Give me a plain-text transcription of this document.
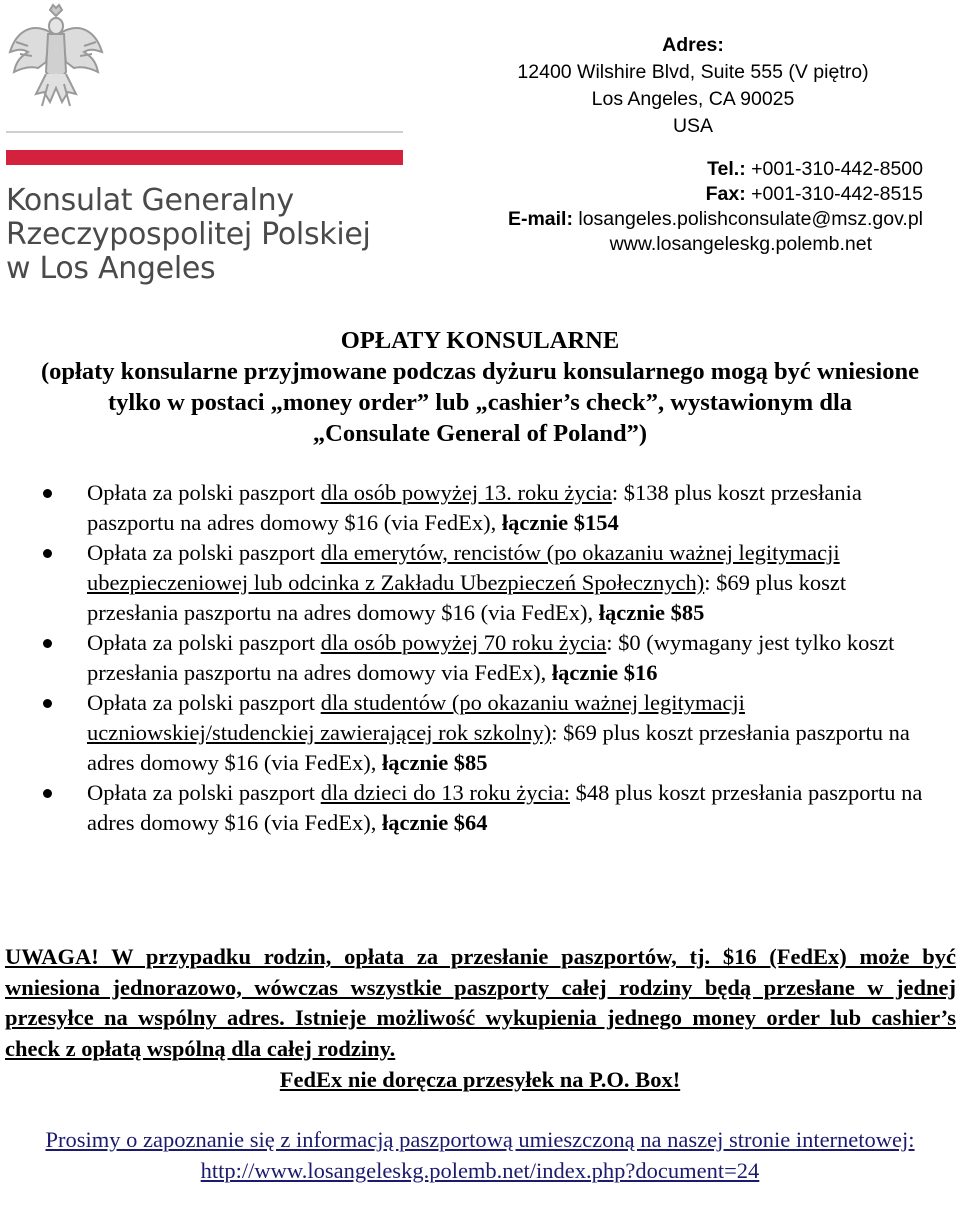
Konsulat Generalny
Rzeczypospolitej Polskiej
w Los Angeles
Adres:
12400 Wilshire Blvd, Suite 555 (V piętro)
Los Angeles, CA 90025
USA
Tel.: +001-310-442-8500
Fax: +001-310-442-8515
E-mail: losangeles.polishconsulate@msz.gov.pl
www.losangeleskg.polemb.net
OPŁATY KONSULARNE
(opłaty konsularne przyjmowane podczas dyżuru konsularnego mogą być wniesione
tylko w postaci „money order” lub „cashier’s check”, wystawionym dla
„Consulate General of Poland”)
Opłata za polski paszport dla osób powyżej 13. roku życia: $138 plus koszt przesłania paszportu na adres domowy $16 (via FedEx), łącznie $154
Opłata za polski paszport dla emerytów, rencistów (po okazaniu ważnej legitymacji ubezpieczeniowej lub odcinka z Zakładu Ubezpieczeń Społecznych): $69 plus koszt przesłania paszportu na adres domowy $16 (via FedEx), łącznie $85
Opłata za polski paszport dla osób powyżej 70 roku życia: $0 (wymagany jest tylko koszt przesłania paszportu na adres domowy via FedEx), łącznie $16
Opłata za polski paszport dla studentów (po okazaniu ważnej legitymacji uczniowskiej/studenckiej zawierającej rok szkolny): $69 plus koszt przesłania paszportu na adres domowy $16 (via FedEx), łącznie $85
Opłata za polski paszport dla dzieci do 13 roku życia: $48 plus koszt przesłania paszportu na adres domowy $16 (via FedEx), łącznie $64
UWAGA! W przypadku rodzin, opłata za przesłanie paszportów, tj. $16 (FedEx) może być wniesiona jednorazowo, wówczas wszystkie paszporty całej rodziny będą przesłane w jednej przesyłce na wspólny adres. Istnieje możliwość wykupienia jednego money order lub cashier’s check z opłatą wspólną dla całej rodziny.
FedEx nie doręcza przesyłek na P.O. Box!
Prosimy o zapoznanie się z informacją paszportową umieszczoną na naszej stronie internetowej:
http://www.losangeleskg.polemb.net/index.php?document=24
